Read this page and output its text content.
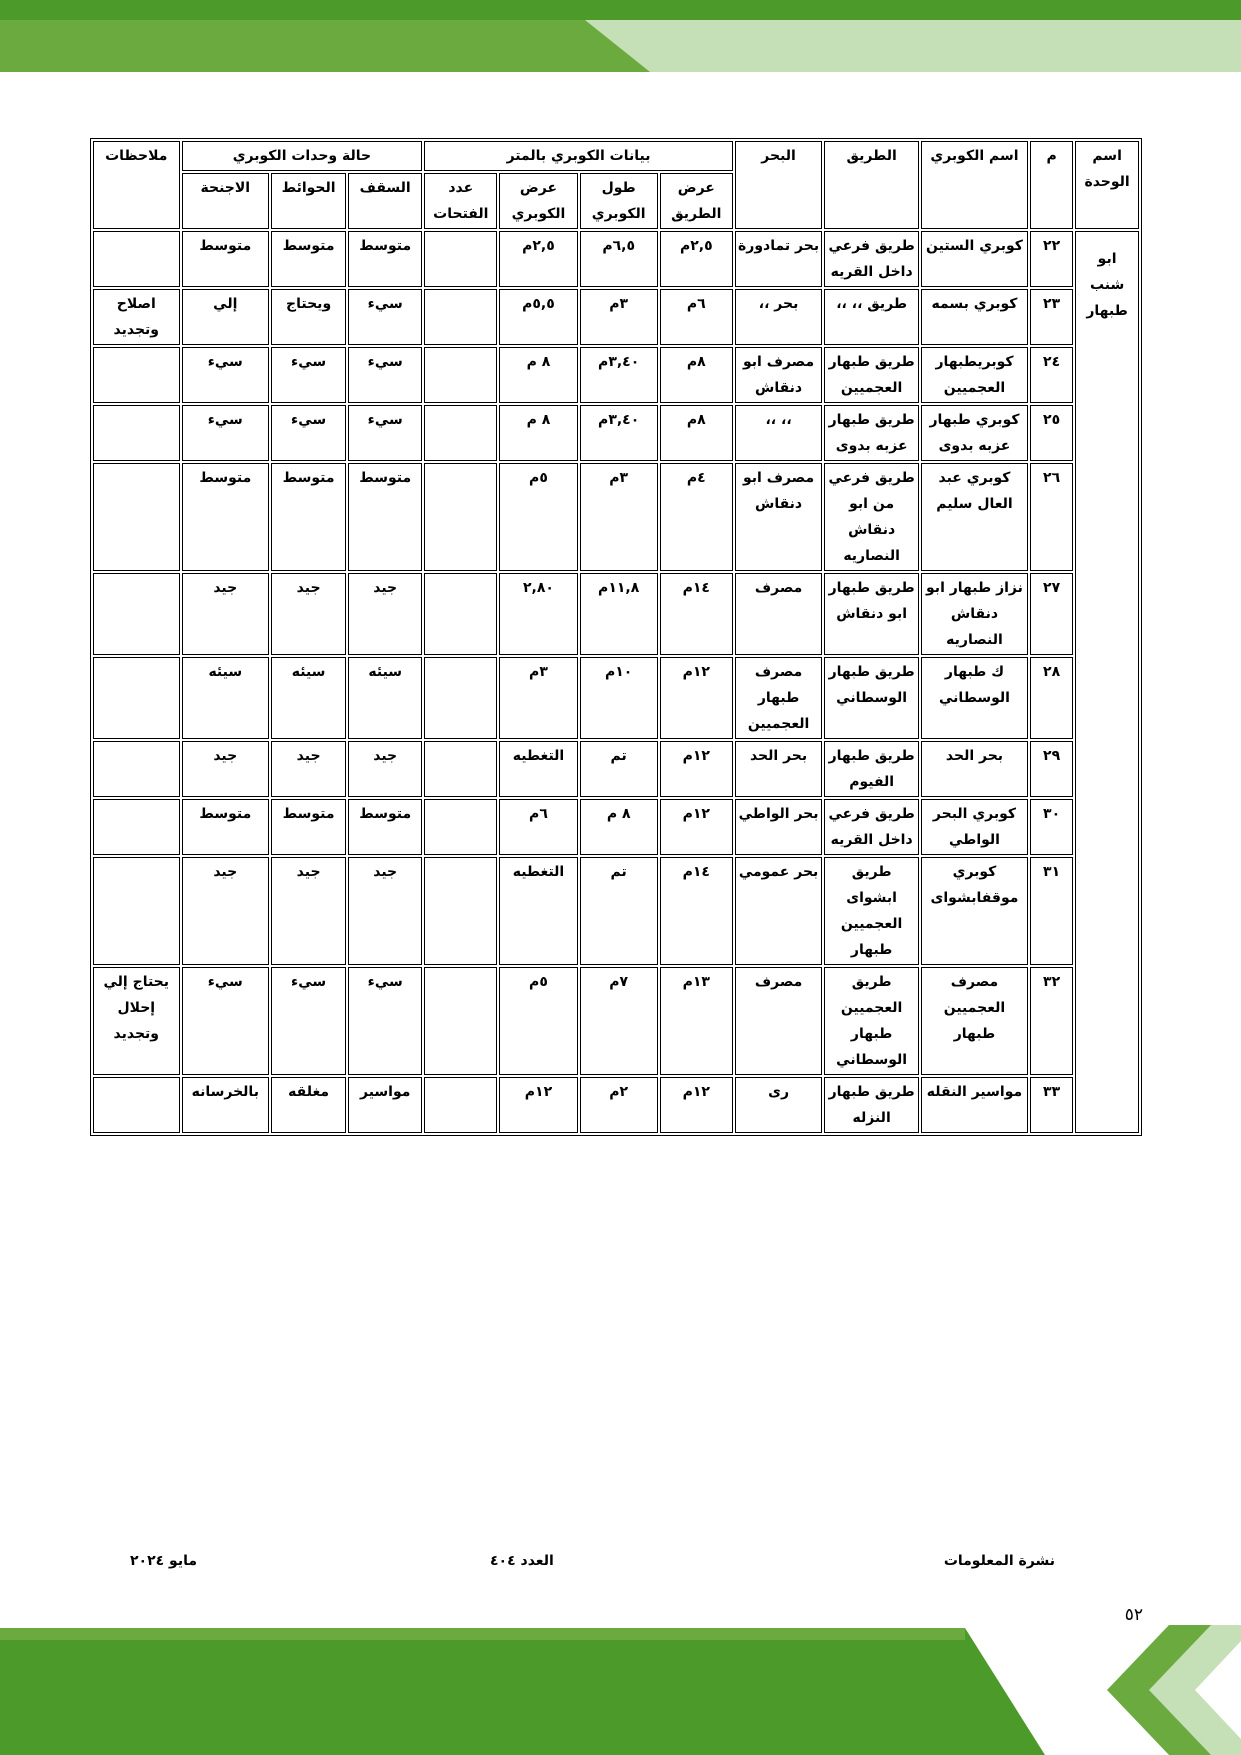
اسم الوحدة	م	اسم الكوبري	الطريق	البحر	بيانات الكوبري بالمتر				حالة وحدات الكوبري			ملاحظات
					عرض الطريق	طول الكوبري	عرض الكوبري	عدد الفتحات	السقف	الحوائط	الاجنحة	

ابو
شنب
طبهار	٢٢	كوبري الستين	طريق فرعي داخل القريه	بحر تمادورة	٢,٥م	٦,٥م	٢,٥م		متوسط	متوسط	متوسط	
	٢٣	كوبري بسمه	طريق ،، ،،	بحر ،،	٦م	٣م	٥,٥م		سيء	ويحتاج	إلي	اصلاح وتجديد
	٢٤	كوبريطبهار العجميين	طريق طبهار العجميين	مصرف ابو دنقاش	٨م	٣,٤٠م	٨ م		سيء	سيء	سيء	
	٢٥	كوبري طبهار عزبه بدوى	طريق طبهار عزبه بدوى	،، ،،	٨م	٣,٤٠م	٨ م		سيء	سيء	سيء	
	٢٦	كوبري عبد العال سليم	طريق فرعي من ابو دنقاش النصاريه	مصرف ابو دنقاش	٤م	٣م	٥م		متوسط	متوسط	متوسط	
	٢٧	نزاز طبهار ابو دنقاش النصاريه	طريق طبهار ابو دنقاش	مصرف	١٤م	١١,٨م	٢,٨٠		جيد	جيد	جيد	
	٢٨	ك طبهار الوسطاني	طريق طبهار الوسطاني	مصرف طبهار العجميين	١٢م	١٠م	٣م		سيئه	سيئه	سيئه	
	٢٩	بحر الحد	طريق طبهار الفيوم	بحر الحد	١٢م	تم	التغطيه		جيد	جيد	جيد	
	٣٠	كوبري البحر الواطي	طريق فرعي داخل القريه	بحر الواطي	١٢م	٨ م	٦م		متوسط	متوسط	متوسط	
	٣١	كوبري موقفابشواى	طريق ابشواى العجميين طبهار	بحر عمومي	١٤م	تم	التغطيه		جيد	جيد	جيد	
	٣٢	مصرف العجميين طبهار	طريق العجميين طبهار الوسطاني	مصرف	١٣م	٧م	٥م		سيء	سيء	سيء	يحتاج إلي إحلال وتجديد
	٣٣	مواسير النقله	طريق طبهار النزله	رى	١٢م	٢م	١٢م		مواسير	مغلقه	بالخرسانه	
نشرة المعلومات
العدد ٤٠٤
مايو ٢٠٢٤
٥٢
